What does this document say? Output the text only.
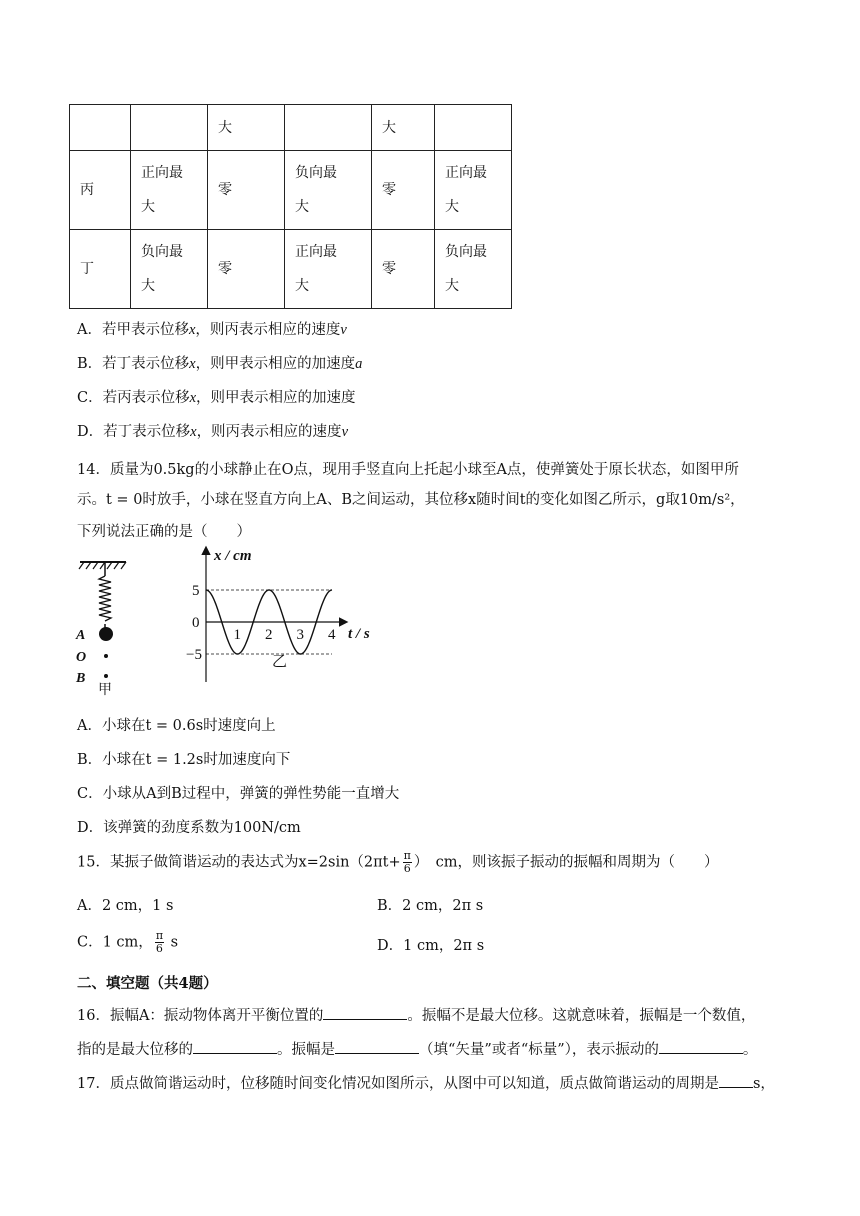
		大		大	
丙	正向最大	零	负向最大	零	正向最大

丁	负向最大	零	正向最大	零	负向最大
A．若甲表示位移x，则丙表示相应的速度v
B．若丁表示位移x，则甲表示相应的加速度a
C．若丙表示位移x，则甲表示相应的加速度
D．若丁表示位移x，则丙表示相应的速度v
14．质量为0.5kg的小球静止在O点，现用手竖直向上托起小球至A点，使弹簧处于原长状态，如图甲所
示。t = 0时放手，小球在竖直方向上A、B之间运动，其位移x随时间t的变化如图乙所示，g取10m/s²，
下列说法正确的是（　　）
A
O
B
甲
x / cm
t / s
5
0
−5
1 2 3 4
乙
A．小球在t = 0.6s时速度向上
B．小球在t = 1.2s时加速度向下
C．小球从A到B过程中，弹簧的弹性势能一直增大
D．该弹簧的劲度系数为100N/cm
15．某振子做简谐运动的表达式为$x=2\sin(2\pi t+ \frac{\pi}{6}$ ）　cm，则该振子振动的振幅和周期为（　　）
A．2 cm，1 s	B．2 cm，2π s
C．1 cm， $\frac{\pi}{6}$ s	D．1 cm，2π s
二、填空题（共4题）
16．振幅A：振动物体离开平衡位置的	。振幅不是最大位移。这就意味着，振幅是一个数值，
指的是最大位移的	。振幅是	（填“矢量”或者“标量”），表示振动的	。
17．质点做简谐运动时，位移随时间变化情况如图所示，从图中可以知道，质点做简谐运动的周期是 s，
